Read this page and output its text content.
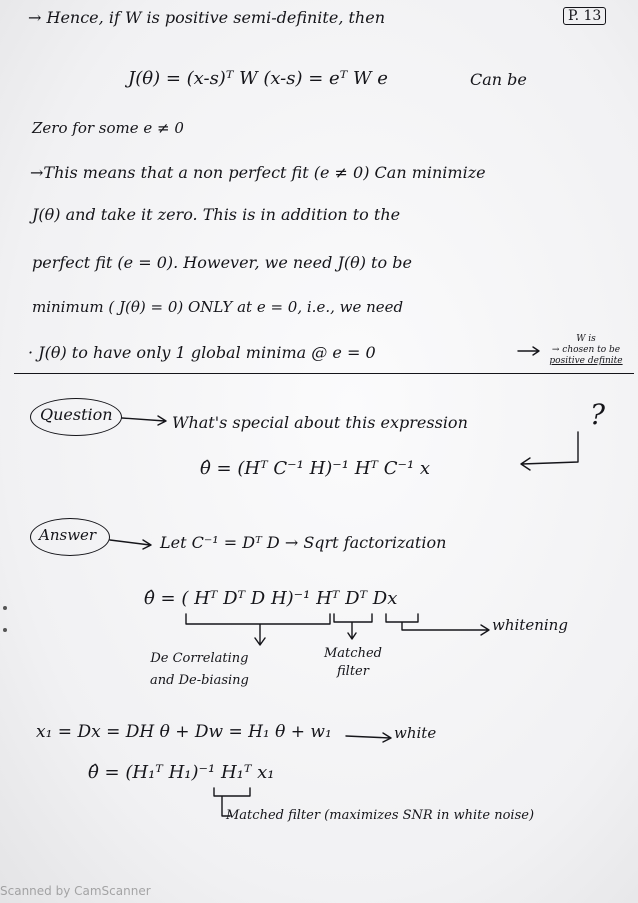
→ Hence, if W is positive semi-definite, then	P. 13
J(θ) = (x-s)ᵀ W (x-s) = eᵀ W e	Can be
Zero for some e ≠ 0
→This means that a non perfect fit (e ≠ 0) Can minimize
J(θ) and take it zero. This is in addition to the
perfect fit (e = 0). However, we need J(θ) to be
minimum ( J(θ) = 0) ONLY at e = 0, i.e., we need
· J(θ) to have only 1 global minima @ e = 0
W is
→ chosen to be
positive definite
Question	What's special about this expression	?
θ̂ = (Hᵀ C⁻¹ H)⁻¹ Hᵀ C⁻¹ x
Answer	Let C⁻¹ = Dᵀ D → Sqrt factorization
θ̂ = ( Hᵀ Dᵀ D H)⁻¹ Hᵀ Dᵀ Dx
whitening
De Correlating
and De-biasing
Matched
filter
x₁ = Dx = DH θ + Dw = H₁ θ + w₁	white
θ̂ = (H₁ᵀ H₁)⁻¹ H₁ᵀ x₁
Matched filter (maximizes SNR in white noise)
Scanned by CamScanner
